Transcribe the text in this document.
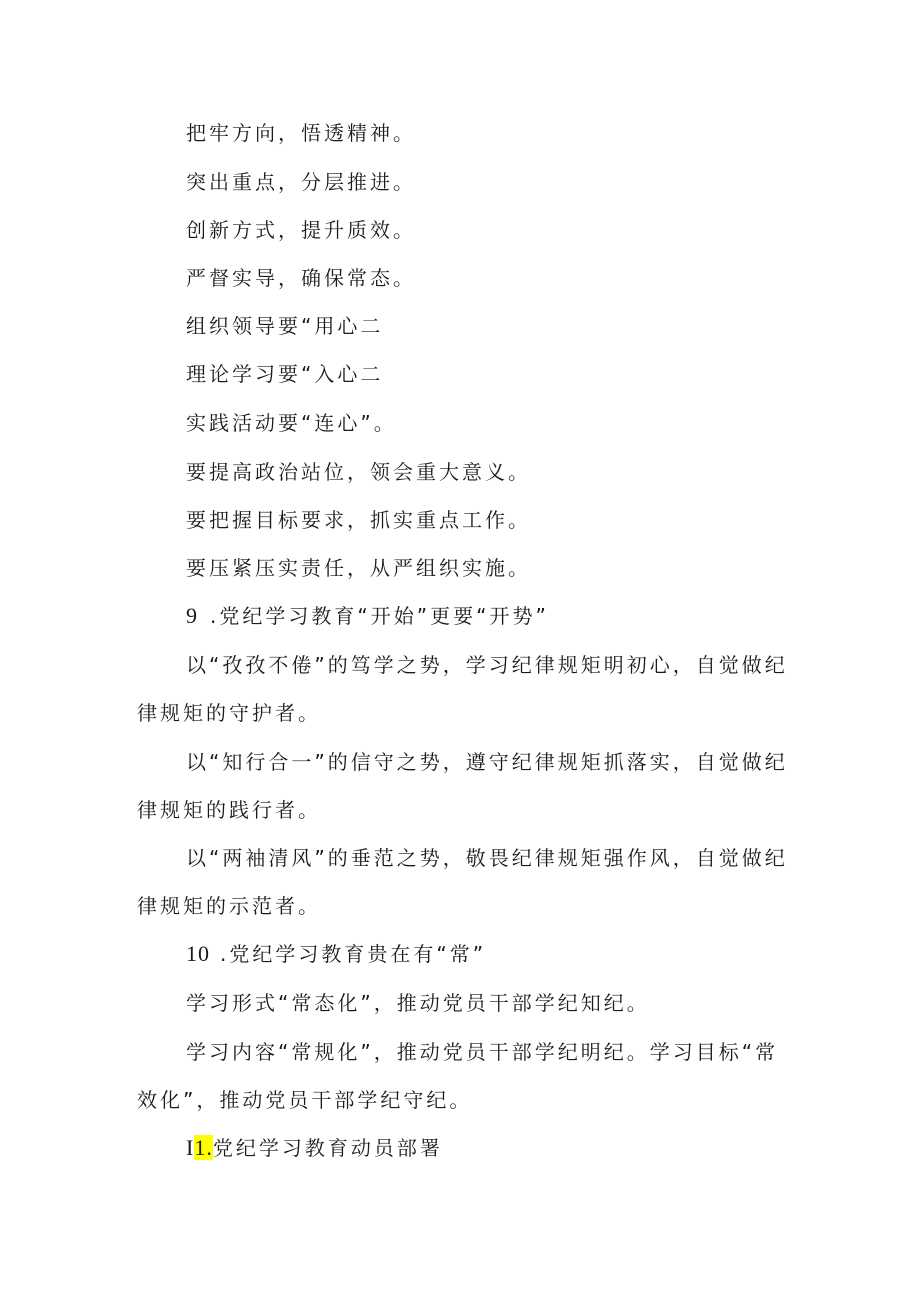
把牢方向，悟透精神。
突出重点，分层推进。
创新方式，提升质效。
严督实导，确保常态。
组织领导要“用心二
理论学习要“入心二
实践活动要“连心”。
要提高政治站位，领会重大意义。
要把握目标要求，抓实重点工作。
要压紧压实责任，从严组织实施。
9 .党纪学习教育“开始”更要“开势”
以“孜孜不倦”的笃学之势，学习纪律规矩明初心，自觉做纪
律规矩的守护者。
以“知行合一”的信守之势，遵守纪律规矩抓落实，自觉做纪
律规矩的践行者。
以“两袖清风”的垂范之势，敬畏纪律规矩强作风，自觉做纪
律规矩的示范者。
10 .党纪学习教育贵在有“常”
学习形式“常态化”，推动党员干部学纪知纪。
学习内容“常规化”，推动党员干部学纪明纪。学习目标“常
效化”，推动党员干部学纪守纪。
I1.党纪学习教育动员部署
